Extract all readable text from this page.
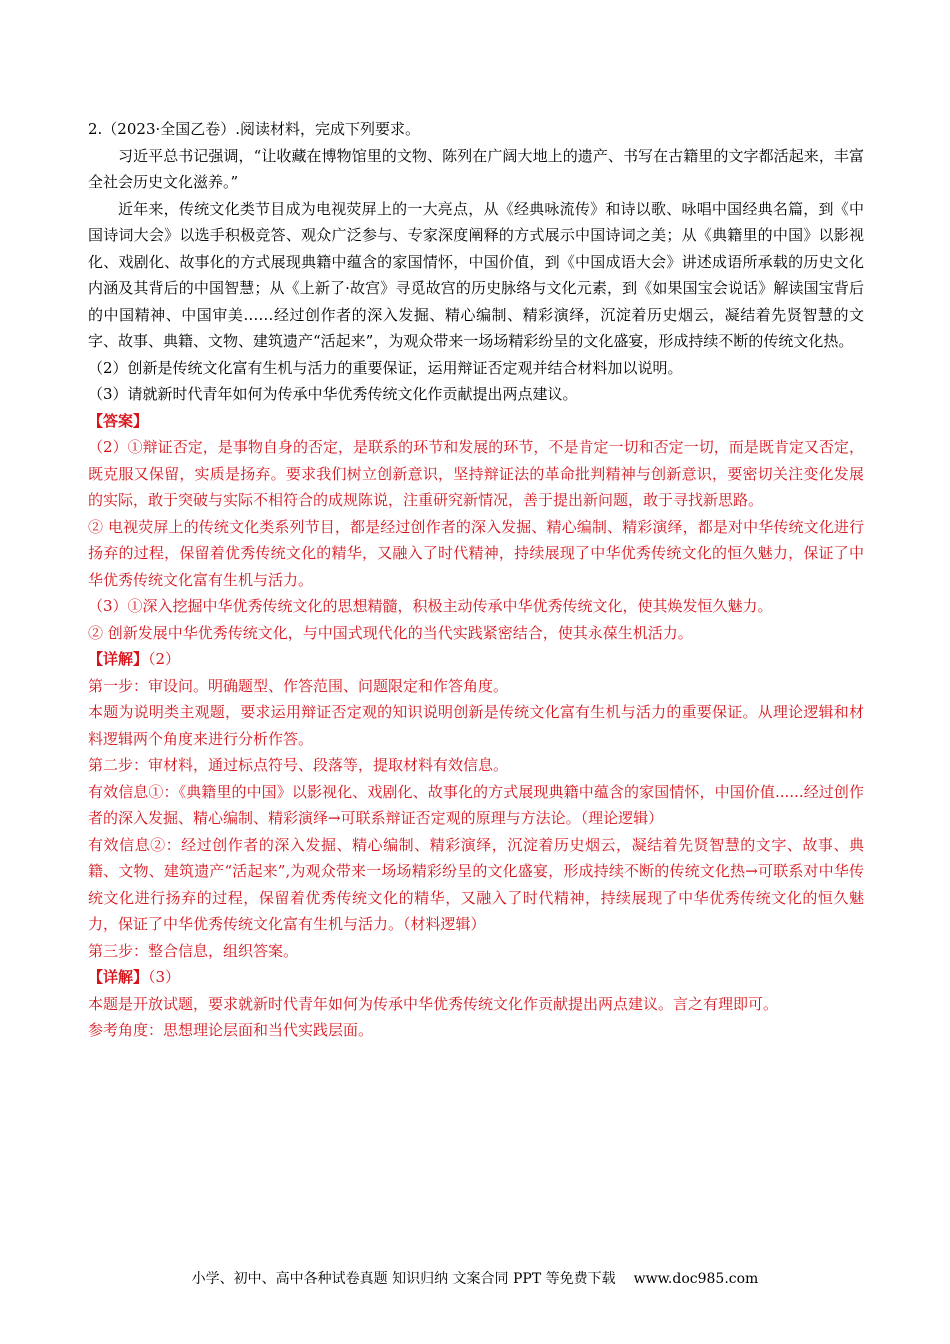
2.（2023·全国乙卷）.阅读材料，完成下列要求。

习近平总书记强调，“让收藏在博物馆里的文物、陈列在广阔大地上的遗产、书写在古籍里的文字都活起来，丰富全社会历史文化滋养。”

近年来，传统文化类节目成为电视荧屏上的一大亮点，从《经典咏流传》和诗以歌、咏唱中国经典名篇，到《中国诗词大会》以选手积极竞答、观众广泛参与、专家深度阐释的方式展示中国诗词之美；从《典籍里的中国》以影视化、戏剧化、故事化的方式展现典籍中蕴含的家国情怀，中国价值，到《中国成语大会》讲述成语所承载的历史文化内涵及其背后的中国智慧；从《上新了·故宫》寻觅故宫的历史脉络与文化元素，到《如果国宝会说话》解读国宝背后的中国精神、中国审美……经过创作者的深入发掘、精心编制、精彩演绎，沉淀着历史烟云，凝结着先贤智慧的文字、故事、典籍、文物、建筑遗产“活起来”，为观众带来一场场精彩纷呈的文化盛宴，形成持续不断的传统文化热。

（2）创新是传统文化富有生机与活力的重要保证，运用辩证否定观并结合材料加以说明。

（3）请就新时代青年如何为传承中华优秀传统文化作贡献提出两点建议。

【答案】

（2）①辩证否定，是事物自身的否定，是联系的环节和发展的环节，不是肯定一切和否定一切，而是既肯定又否定，既克服又保留，实质是扬弃。要求我们树立创新意识，坚持辩证法的革命批判精神与创新意识，要密切关注变化发展的实际，敢于突破与实际不相符合的成规陈说，注重研究新情况，善于提出新问题，敢于寻找新思路。

② 电视荧屏上的传统文化类系列节目，都是经过创作者的深入发掘、精心编制、精彩演绎，都是对中华传统文化进行扬弃的过程，保留着优秀传统文化的精华，又融入了时代精神，持续展现了中华优秀传统文化的恒久魅力，保证了中华优秀传统文化富有生机与活力。

（3）①深入挖掘中华优秀传统文化的思想精髓，积极主动传承中华优秀传统文化，使其焕发恒久魅力。

② 创新发展中华优秀传统文化，与中国式现代化的当代实践紧密结合，使其永葆生机活力。

【详解】（2）

第一步：审设问。明确题型、作答范围、问题限定和作答角度。

本题为说明类主观题，要求运用辩证否定观的知识说明创新是传统文化富有生机与活力的重要保证。从理论逻辑和材料逻辑两个角度来进行分析作答。

第二步：审材料，通过标点符号、段落等，提取材料有效信息。

有效信息①：《典籍里的中国》以影视化、戏剧化、故事化的方式展现典籍中蕴含的家国情怀，中国价值......经过创作者的深入发掘、精心编制、精彩演绎→可联系辩证否定观的原理与方法论。（理论逻辑）

有效信息②：经过创作者的深入发掘、精心编制、精彩演绎，沉淀着历史烟云，凝结着先贤智慧的文字、故事、典籍、文物、建筑遗产“活起来”,为观众带来一场场精彩纷呈的文化盛宴，形成持续不断的传统文化热→可联系对中华传统文化进行扬弃的过程，保留着优秀传统文化的精华，又融入了时代精神，持续展现了中华优秀传统文化的恒久魅力，保证了中华优秀传统文化富有生机与活力。（材料逻辑）

第三步：整合信息，组织答案。

【详解】（3）

本题是开放试题，要求就新时代青年如何为传承中华优秀传统文化作贡献提出两点建议。言之有理即可。

参考角度：思想理论层面和当代实践层面。

小学、初中、高中各种试卷真题 知识归纳 文案合同 PPT 等免费下载 www.doc985.com
